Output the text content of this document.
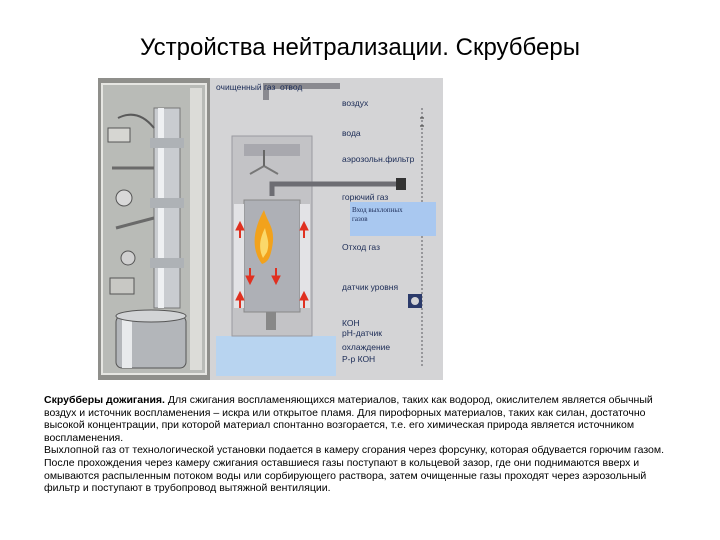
Устройства нейтрализации. Скрубберы
очищенный газ отвод
воздух
вода
аэрозольн.фильтр
горючий газ
Вход выхлопных
газов
Отход газ
датчик уровня
КОН
рН-датчик
охлаждение
Р-р КОН

Скрубберы дожигания. Для сжигания воспламеняющихся материалов, таких как водород, окислителем является обычный воздух и источник воспламенения – искра или открытое пламя. Для пирофорных материалов, таких как силан, достаточно высокой концентрации, при которой материал спонтанно возгорается, т.е. его химическая природа является источником воспламенения.

Выхлопной газ от технологической установки подается в камеру сгорания через форсунку, которая обдувается горючим газом. После прохождения через камеру сжигания оставшиеся газы поступают в кольцевой зазор, где они поднимаются вверх и омываются распыленным потоком воды или сорбирующего раствора, затем очищенные газы проходят через аэрозольный фильтр и поступают в трубопровод вытяжной вентиляции.
